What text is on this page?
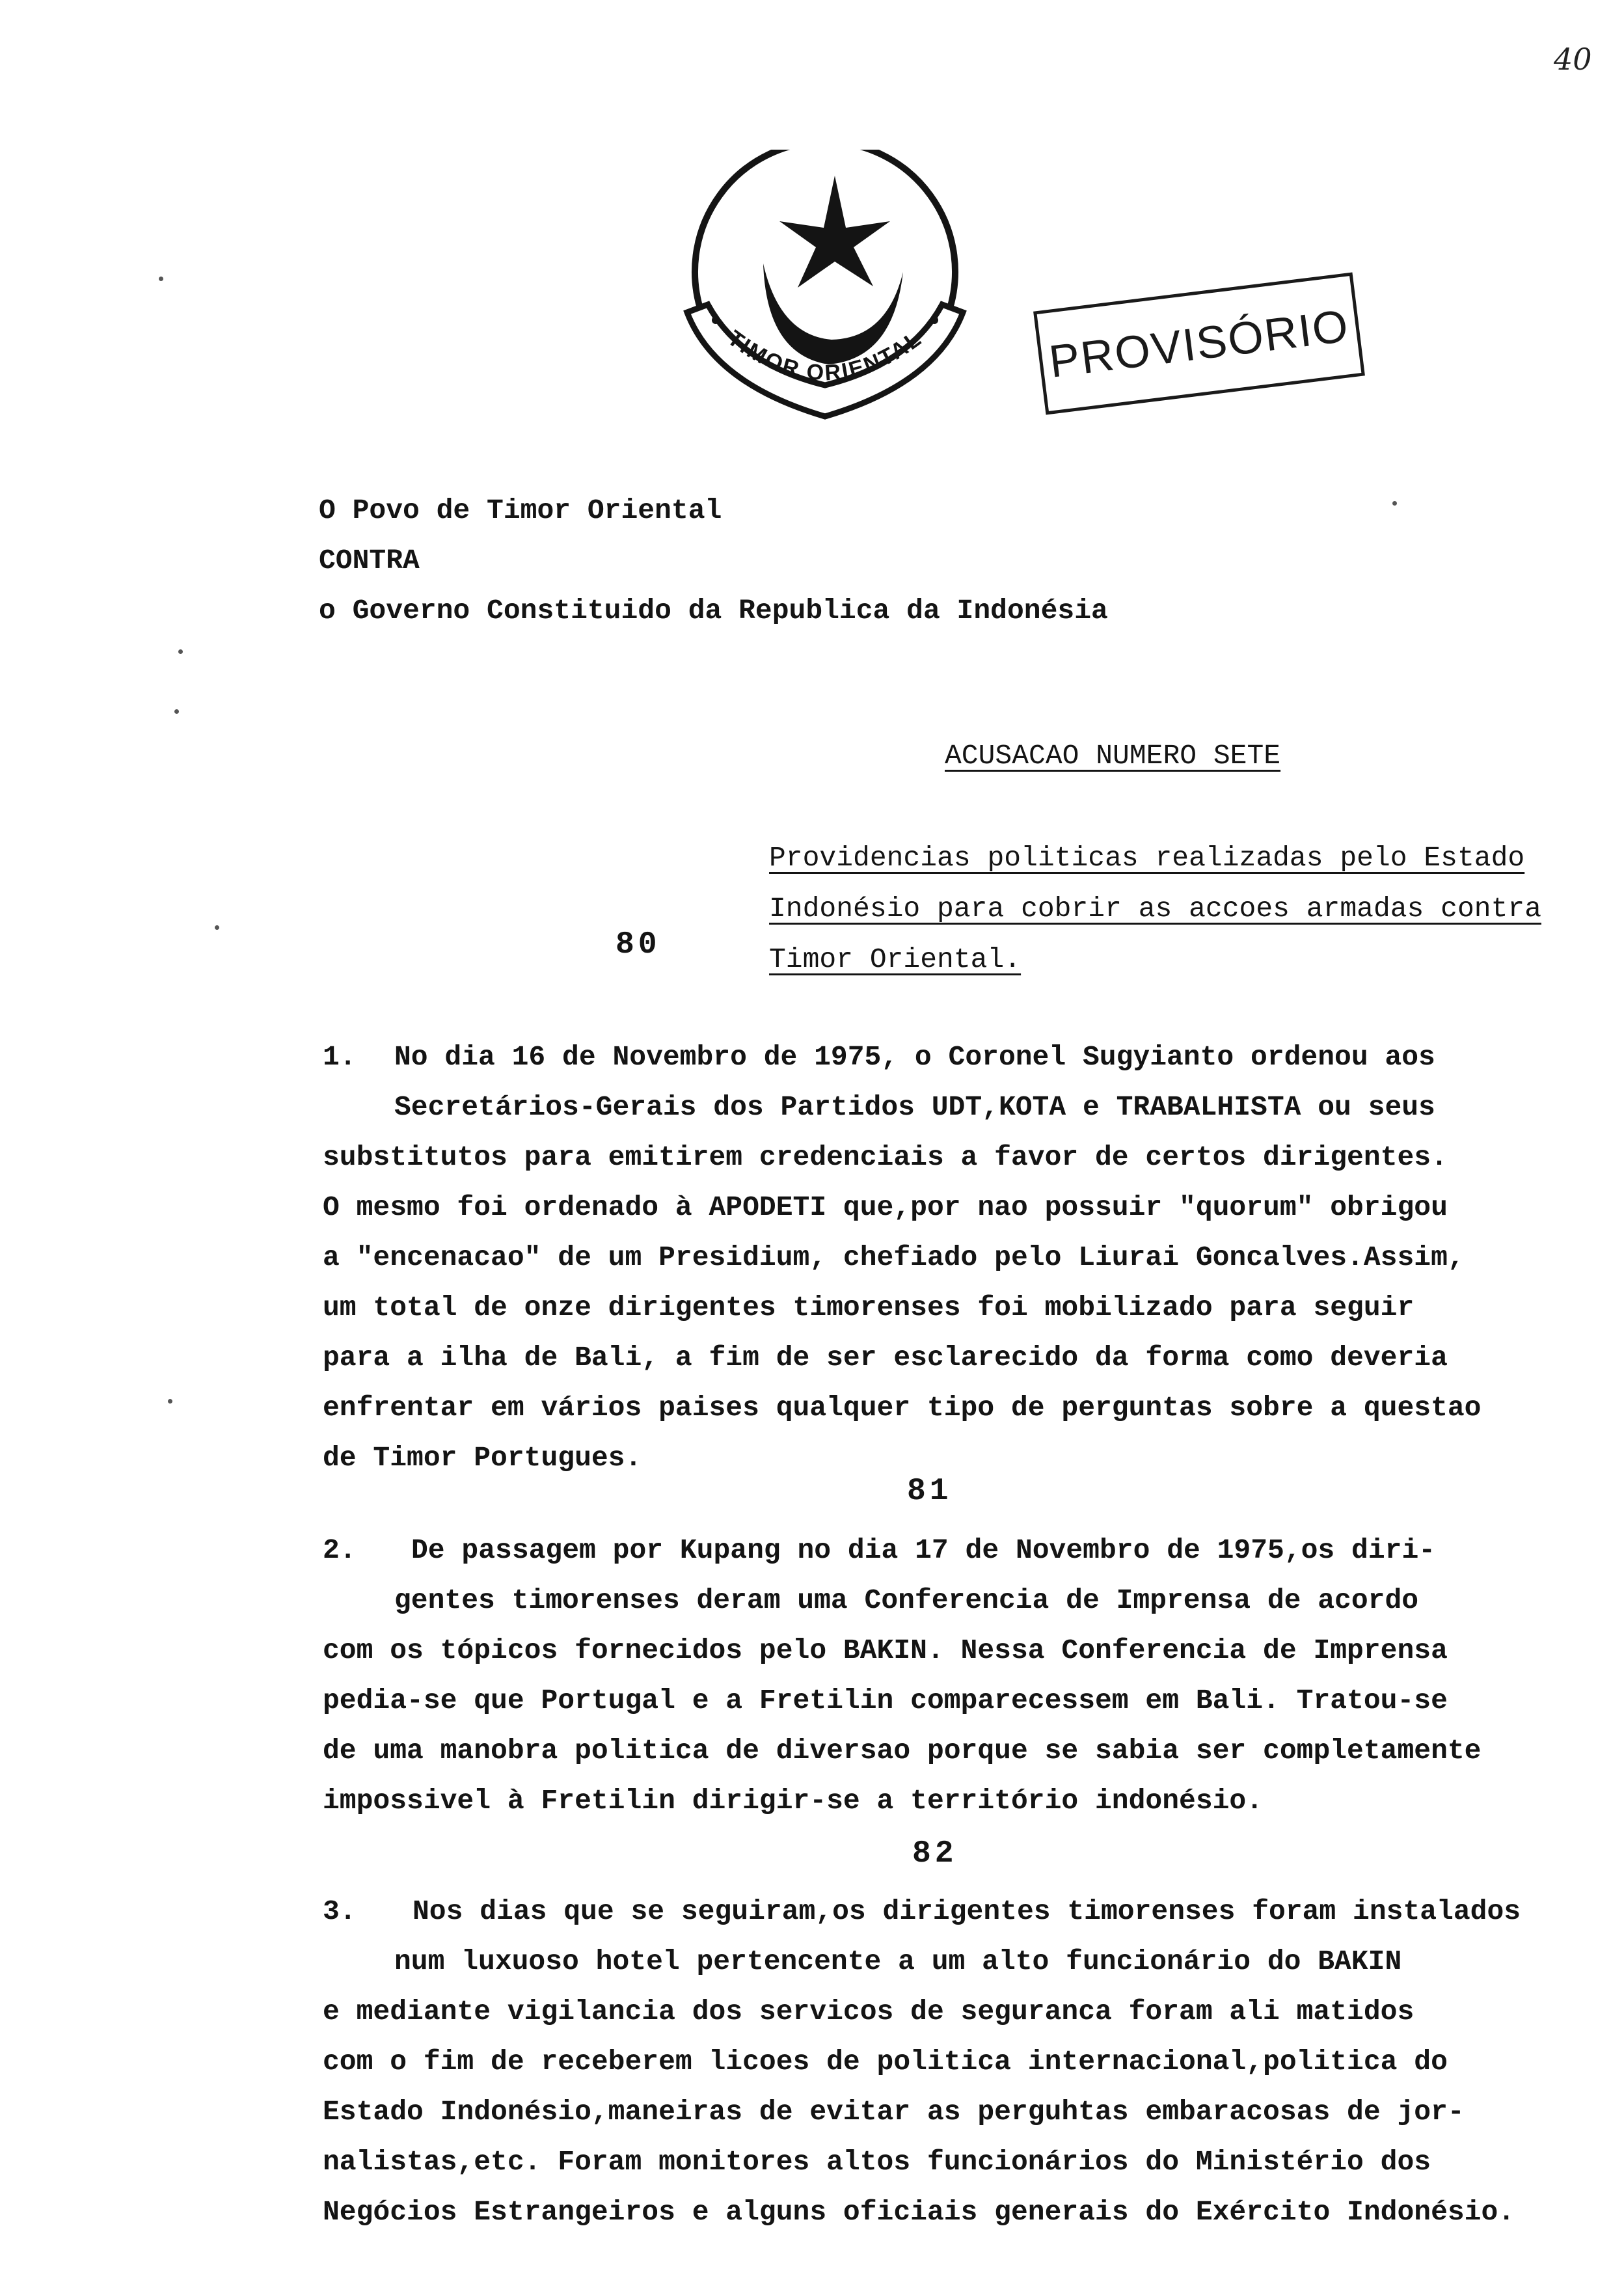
40
TIMOR ORIENTAL	PROVISÓRIO
O Povo de Timor Oriental
CONTRA
o Governo Constituido da Republica da Indonésia
ACUSACAO NUMERO SETE
80
Providencias politicas realizadas pelo Estado
Indonésio para cobrir as accoes armadas contra
Timor Oriental.
1. No dia 16 de Novembro de 1975, o Coronel Sugyianto ordenou aos
Secretários-Gerais dos Partidos UDT,KOTA e TRABALHISTA ou seus
substitutos para emitirem credenciais a favor de certos dirigentes.
O mesmo foi ordenado à APODETI que,por nao possuir "quorum" obrigou
a "encenacao" de um Presidium, chefiado pelo Liurai Goncalves.Assim,
um total de onze dirigentes timorenses foi mobilizado para seguir
para a ilha de Bali, a fim de ser esclarecido da forma como deveria
enfrentar em vários paises qualquer tipo de perguntas sobre a questao
de Timor Portugues.
81
2. De passagem por Kupang no dia 17 de Novembro de 1975,os diri-
gentes timorenses deram uma Conferencia de Imprensa de acordo
com os tópicos fornecidos pelo BAKIN. Nessa Conferencia de Imprensa
pedia-se que Portugal e a Fretilin comparecessem em Bali. Tratou-se
de uma manobra politica de diversao porque se sabia ser completamente
impossivel à Fretilin dirigir-se a território indonésio.
82
3. Nos dias que se seguiram,os dirigentes timorenses foram instalados
num luxuoso hotel pertencente a um alto funcionário do BAKIN
e mediante vigilancia dos servicos de seguranca foram ali matidos
com o fim de receberem licoes de politica internacional,politica do
Estado Indonésio,maneiras de evitar as perguhtas embaracosas de jor-
nalistas,etc. Foram monitores altos funcionários do Ministério dos
Negócios Estrangeiros e alguns oficiais generais do Exército Indonésio.
